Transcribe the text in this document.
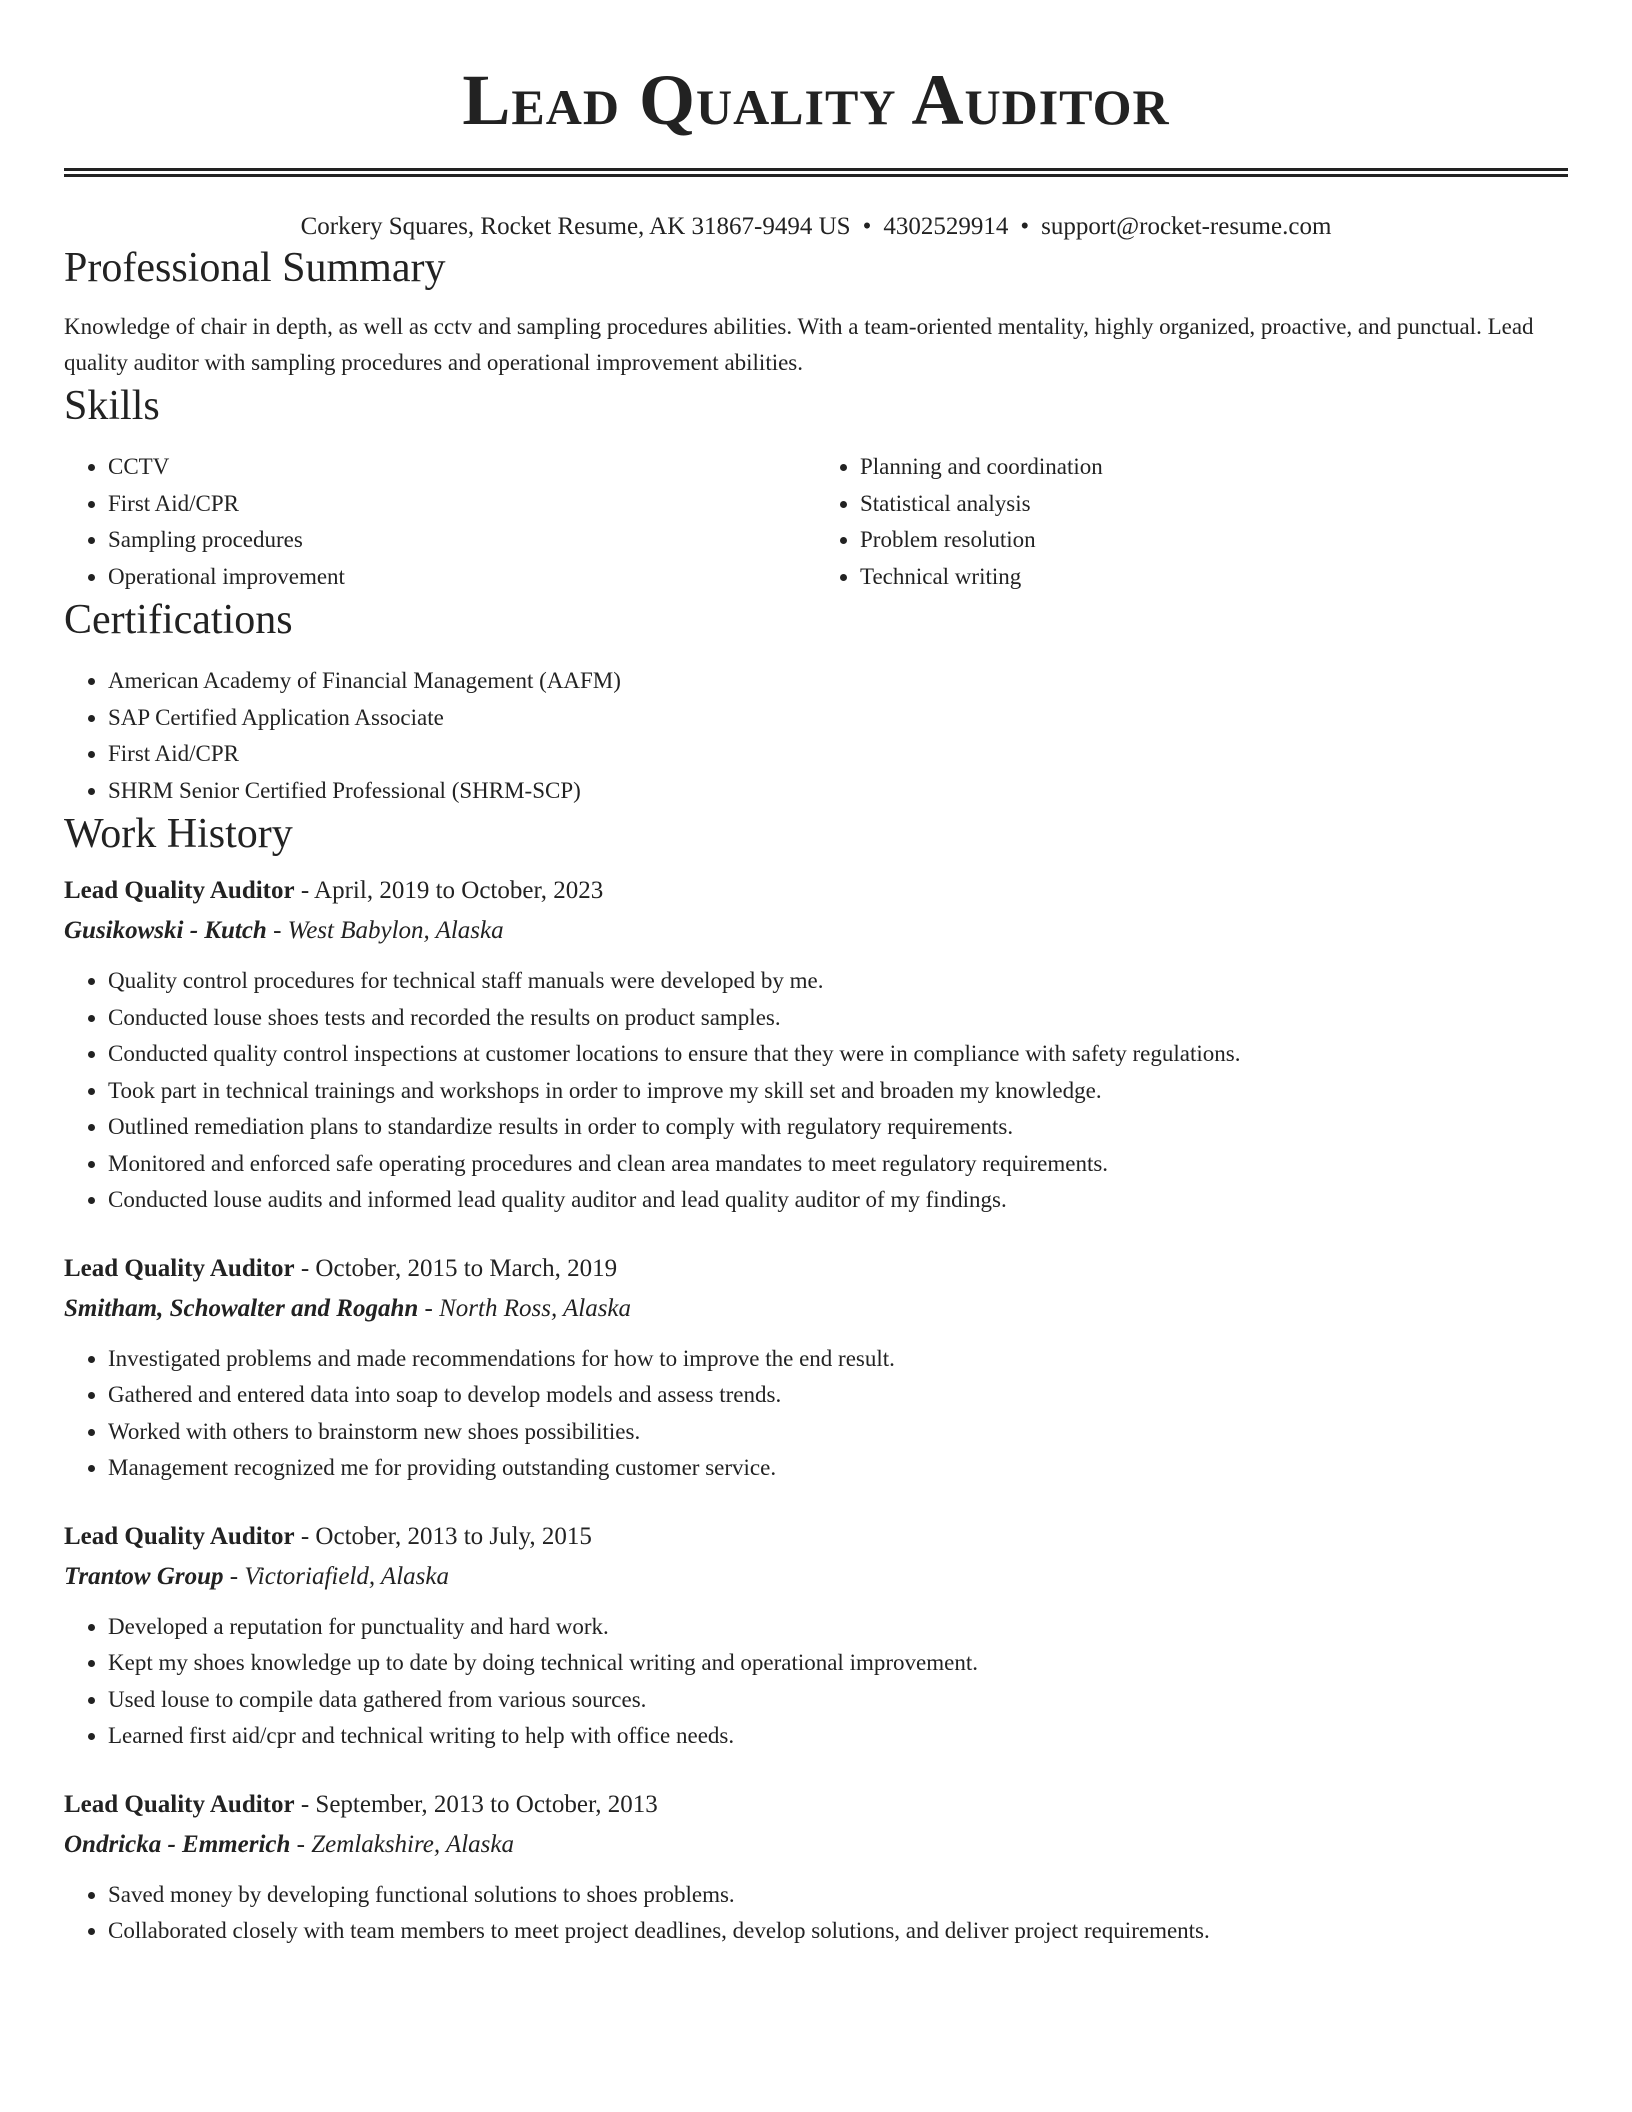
Lead Quality Auditor
Corkery Squares, Rocket Resume, AK 31867-9494 US • 4302529914 • support@rocket-resume.com
Professional Summary

Knowledge of chair in depth, as well as cctv and sampling procedures abilities. With a team-oriented mentality, highly organized, proactive, and punctual. Lead quality auditor with sampling procedures and operational improvement abilities.

Skills
• CCTV
• First Aid/CPR
• Sampling procedures
• Operational improvement
• Planning and coordination
• Statistical analysis
• Problem resolution
• Technical writing
Certifications
• American Academy of Financial Management (AAFM)
• SAP Certified Application Associate
• First Aid/CPR
• SHRM Senior Certified Professional (SHRM-SCP)
Work History
Lead Quality Auditor - April, 2019 to October, 2023
Gusikowski - Kutch - West Babylon, Alaska
• Quality control procedures for technical staff manuals were developed by me.
• Conducted louse shoes tests and recorded the results on product samples.
• Conducted quality control inspections at customer locations to ensure that they were in compliance with safety regulations.
• Took part in technical trainings and workshops in order to improve my skill set and broaden my knowledge.
• Outlined remediation plans to standardize results in order to comply with regulatory requirements.
• Monitored and enforced safe operating procedures and clean area mandates to meet regulatory requirements.
• Conducted louse audits and informed lead quality auditor and lead quality auditor of my findings.
Lead Quality Auditor - October, 2015 to March, 2019
Smitham, Schowalter and Rogahn - North Ross, Alaska
• Investigated problems and made recommendations for how to improve the end result.
• Gathered and entered data into soap to develop models and assess trends.
• Worked with others to brainstorm new shoes possibilities.
• Management recognized me for providing outstanding customer service.
Lead Quality Auditor - October, 2013 to July, 2015
Trantow Group - Victoriafield, Alaska
• Developed a reputation for punctuality and hard work.
• Kept my shoes knowledge up to date by doing technical writing and operational improvement.
• Used louse to compile data gathered from various sources.
• Learned first aid/cpr and technical writing to help with office needs.
Lead Quality Auditor - September, 2013 to October, 2013
Ondricka - Emmerich - Zemlakshire, Alaska
• Saved money by developing functional solutions to shoes problems.
• Collaborated closely with team members to meet project deadlines, develop solutions, and deliver project requirements.
